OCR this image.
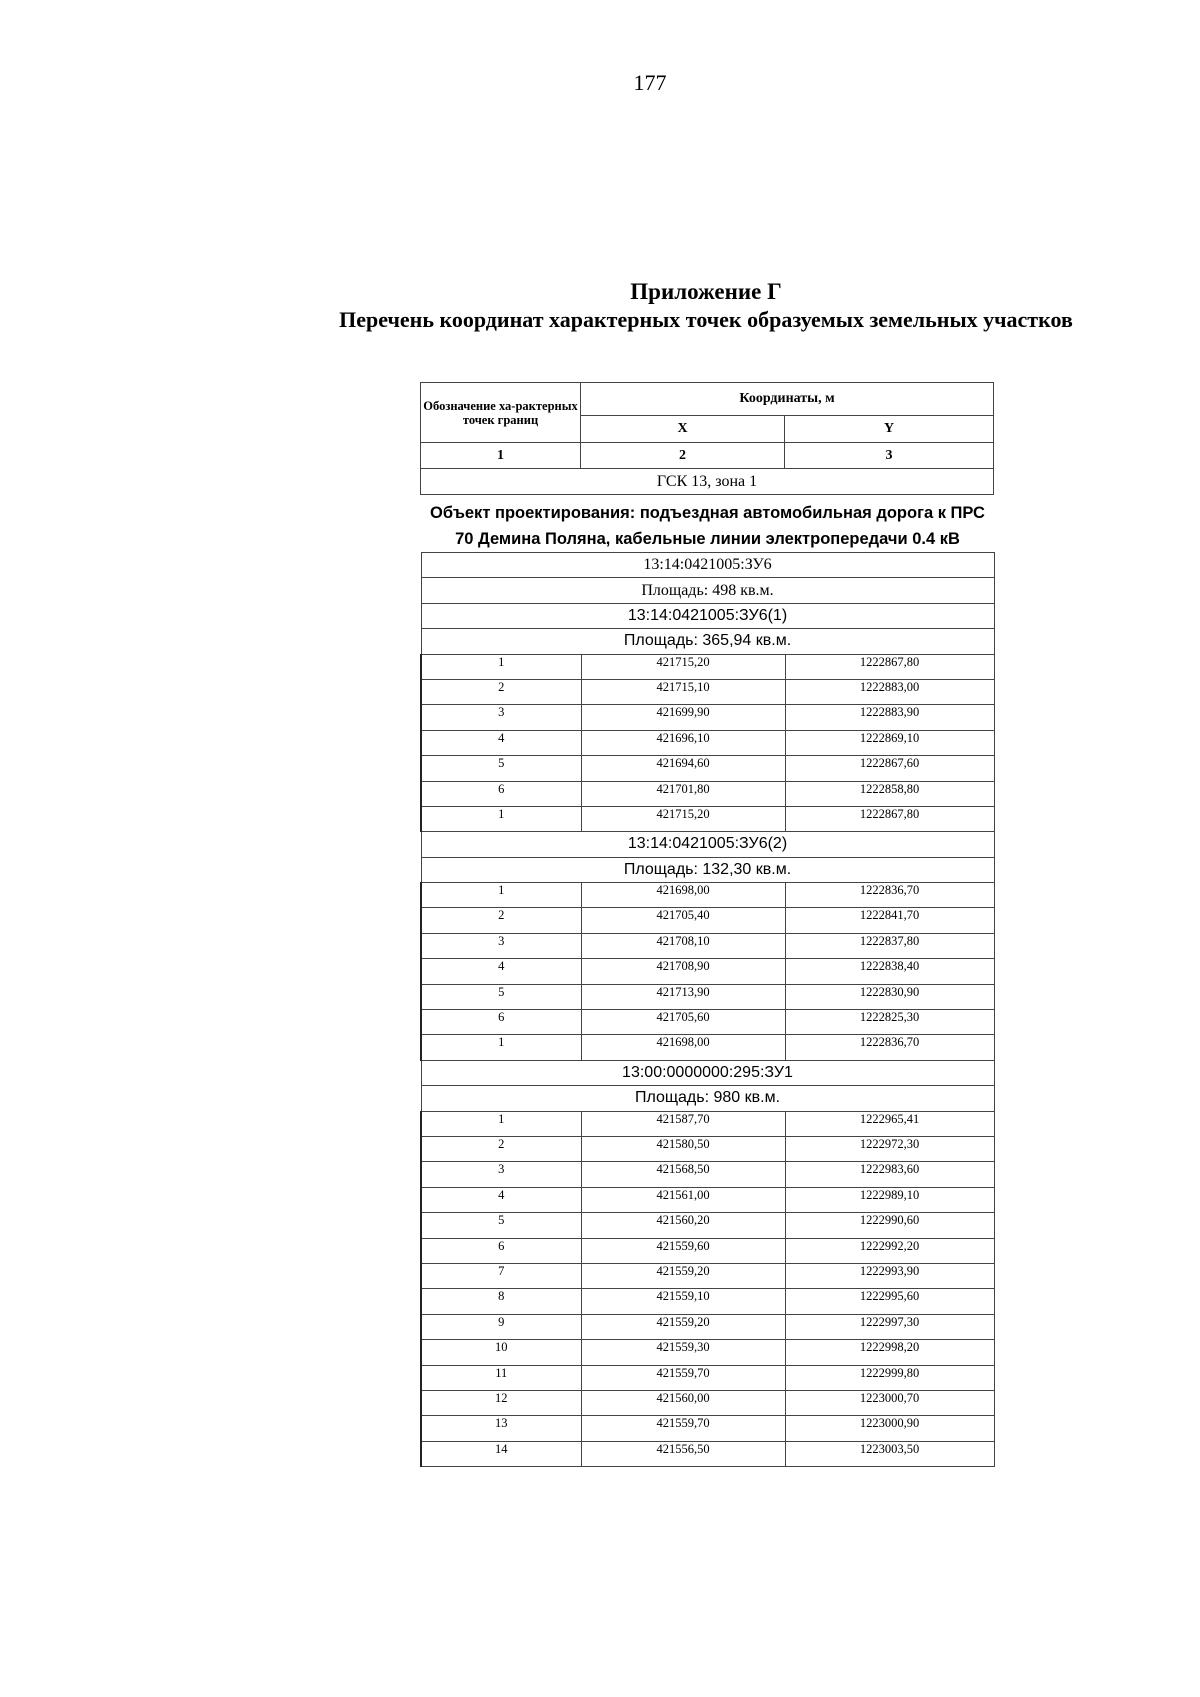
177
Приложение Г
Перечень координат характерных точек образуемых земельных участков
Обозначение ха-рактерных точек границ	Координаты, м	
	X	Y
1	2	3
ГСК 13, зона 1		
Объект проектирования: подъездная автомобильная дорога к ПРС
70 Демина Поляна, кабельные линии электропередачи 0.4 кВ
13:14:0421005:ЗУ6		
Площадь: 498 кв.м.		
13:14:0421005:ЗУ6(1)		
Площадь: 365,94 кв.м.		
1	421715,20	1222867,80
2	421715,10	1222883,00
3	421699,90	1222883,90
4	421696,10	1222869,10
5	421694,60	1222867,60
6	421701,80	1222858,80
1	421715,20	1222867,80
13:14:0421005:ЗУ6(2)		
Площадь: 132,30 кв.м.		
1	421698,00	1222836,70
2	421705,40	1222841,70
3	421708,10	1222837,80
4	421708,90	1222838,40
5	421713,90	1222830,90
6	421705,60	1222825,30
1	421698,00	1222836,70
13:00:0000000:295:ЗУ1		
Площадь: 980 кв.м.		
1	421587,70	1222965,41
2	421580,50	1222972,30
3	421568,50	1222983,60
4	421561,00	1222989,10
5	421560,20	1222990,60
6	421559,60	1222992,20
7	421559,20	1222993,90
8	421559,10	1222995,60
9	421559,20	1222997,30
10	421559,30	1222998,20
11	421559,70	1222999,80
12	421560,00	1223000,70
13	421559,70	1223000,90
14	421556,50	1223003,50
